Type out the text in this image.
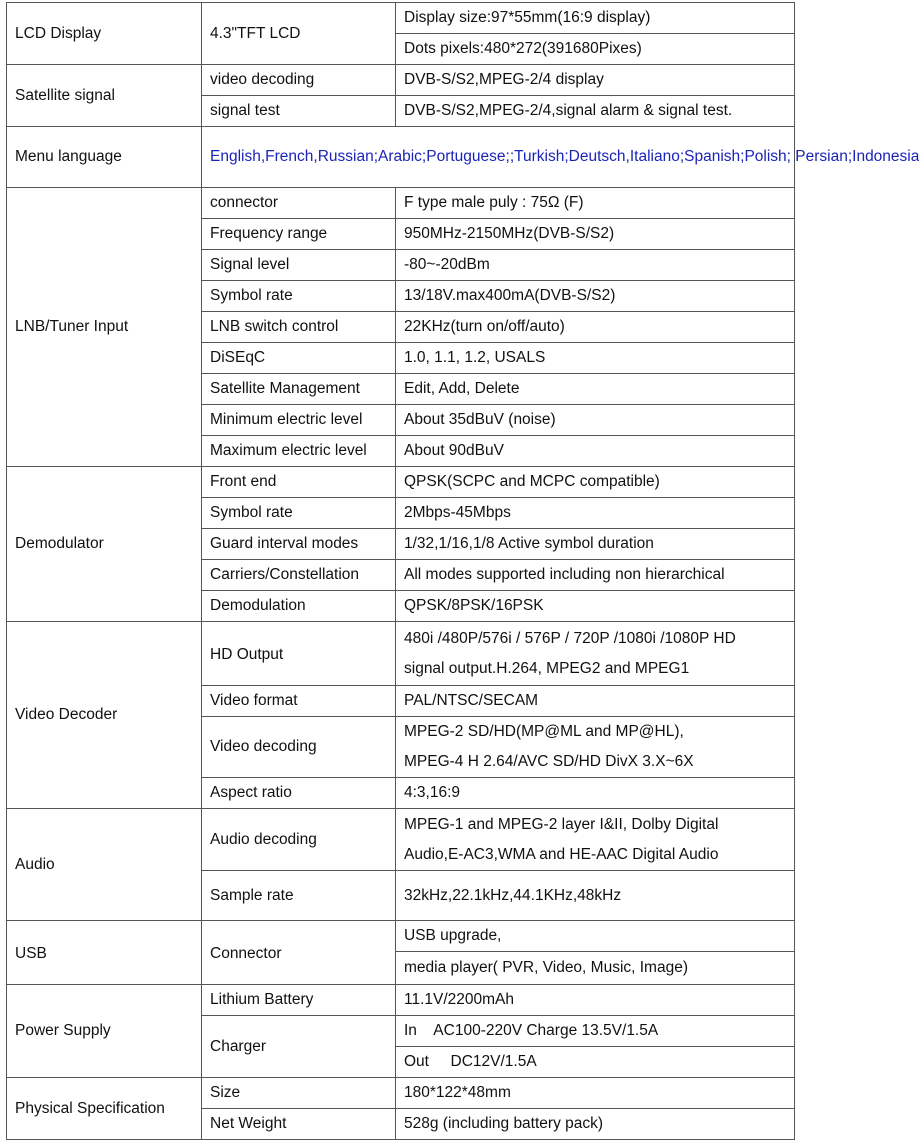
LCD Display	4.3"TFT LCD	Display size:97*55mm(16:9 display)
		Dots pixels:480*272(391680Pixes)
Satellite signal	video decoding	DVB-S/S2,MPEG-2/4 display
	signal test	DVB-S/S2,MPEG-2/4,signal alarm & signal test.
Menu language	English,French,Russian;Arabic;Portuguese;;Turkish;Deutsch,Italiano;Spanish;Polish; Persian;Indonesia	
LNB/Tuner Input	connector	F type male puly : 75Ω (F)
	Frequency range	950MHz-2150MHz(DVB-S/S2)
	Signal level	-80~-20dBm
	Symbol rate	13/18V.max400mA(DVB-S/S2)
	LNB switch control	22KHz(turn on/off/auto)
	DiSEqC	1.0, 1.1, 1.2, USALS
	Satellite Management	Edit, Add, Delete
	Minimum electric level	About 35dBuV (noise)
	Maximum electric level	About 90dBuV
Demodulator	Front end	QPSK(SCPC and MCPC compatible)
	Symbol rate	2Mbps-45Mbps
	Guard interval modes	1/32,1/16,1/8 Active symbol duration
	Carriers/Constellation	All modes supported including non hierarchical
	Demodulation	QPSK/8PSK/16PSK
Video Decoder	HD Output	480i /480P/576i / 576P / 720P /1080i /1080P HD
signal output.H.264, MPEG2 and MPEG1

	Video format	PAL/NTSC/SECAM
	Video decoding	MPEG-2 SD/HD(MP@ML and MP@HL),
MPEG-4 H 2.64/AVC SD/HD DivX 3.X~6X

	Aspect ratio	4:3,16:9
Audio	Audio decoding	MPEG-1 and MPEG-2 layer I&II, Dolby Digital
Audio,E-AC3,WMA and HE-AAC Digital Audio

	Sample rate	32kHz,22.1kHz,44.1KHz,48kHz
USB	Connector	USB upgrade,
		media player( PVR, Video, Music, Image)
Power Supply	Lithium Battery	11.1V/2200mAh
	Charger	In    AC100-220V Charge 13.5V/1.5A
		Out     DC12V/1.5A
Physical Specification	Size	180*122*48mm
	Net Weight	528g (including battery pack)
